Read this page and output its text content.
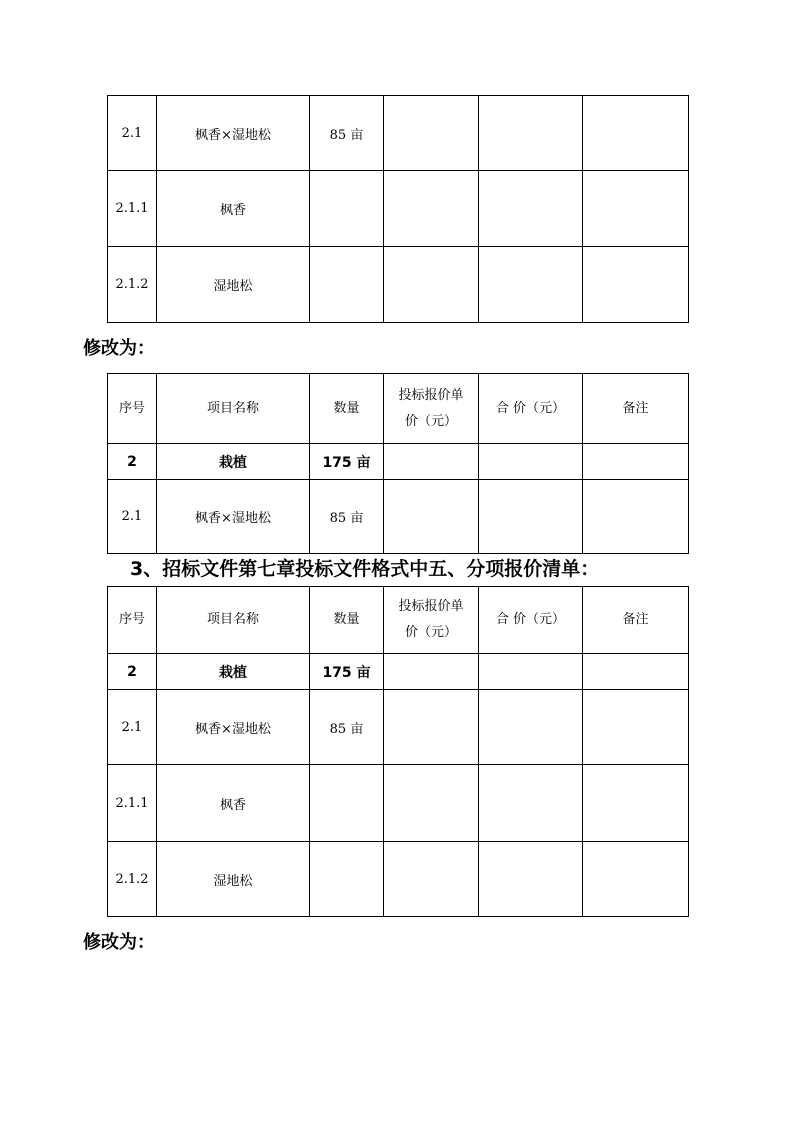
2.1	枫香×湿地松	85 亩			
2.1.1	枫香				
2.1.2	湿地松				
修改为：
序号	项目名称	数量	投标报价单价（元）	合 价（元）	备注
2	栽植	175 亩			
2.1	枫香×湿地松	85 亩			
3、招标文件第七章投标文件格式中五、分项报价清单：
序号	项目名称	数量	投标报价单价（元）	合 价（元）	备注
2	栽植	175 亩			
2.1	枫香×湿地松	85 亩			
2.1.1	枫香				
2.1.2	湿地松				
修改为：
